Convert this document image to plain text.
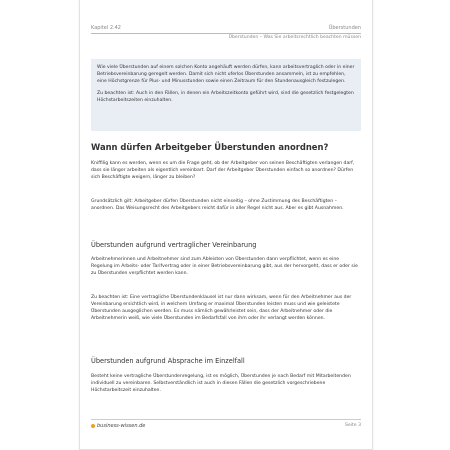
Kapitel 2.42	Überstunden
Überstunden – Was Sie arbeitsrechtlich beachten müssen

Wie viele Überstunden auf einem solchen Konto angehäuft werden dürfen, kann arbeitsvertraglich oder in einer Betriebsvereinbarung geregelt werden. Damit sich nicht uferlos Überstunden ansammeln, ist zu empfehlen, eine Höchstgrenze für Plus- und Minusstunden sowie einen Zeitraum für den Stundenausgleich festzulegen.

Zu beachten ist: Auch in den Fällen, in denen ein Arbeitszeitkonto geführt wird, sind die gesetzlich festgelegten Höchstarbeitszeiten einzuhalten.

Wann dürfen Arbeitgeber Überstunden anordnen?
Kniffilig kann es werden, wenn es um die Frage geht, ob der Arbeitgeber von seinen Beschäftigten verlangen darf, dass sie länger arbeiten als eigentlich vereinbart. Darf der Arbeitgeber Überstunden einfach so anordnen? Dürfen sich Beschäftigte weigern, länger zu bleiben?
Grundsätzlich gilt: Arbeitgeber dürfen Überstunden nicht einseitig – ohne Zustimmung des Beschäftigten – anordnen. Das Weisungsrecht des Arbeitgebers reicht dafür in aller Regel nicht aus. Aber es gibt Ausnahmen.
Überstunden aufgrund vertraglicher Vereinbarung
Arbeitnehmerinnen und Arbeitnehmer sind zum Ableisten von Überstunden dann verpflichtet, wenn es eine Regelung im Arbeits- oder Tarifvertrag oder in einer Betriebsvereinbarung gibt, aus der hervorgeht, dass er oder sie zu Überstunden verpflichtet werden kann.
Zu beachten ist: Eine vertragliche Überstundenklausel ist nur dann wirksam, wenn für den Arbeitnehmer aus der Vereinbarung ersichtlich wird, in welchem Umfang er maximal Überstunden leisten muss und wie geleistete Überstunden ausgeglichen werden. Es muss nämlich gewährleistet sein, dass der Arbeitnehmer oder die Arbeitnehmerin weiß, wie viele Überstunden im Bedarfsfall von ihm oder ihr verlangt werden können.
Überstunden aufgrund Absprache im Einzelfall
Besteht keine vertragliche Überstundenregelung, ist es möglich, Überstunden je nach Bedarf mit Mitarbeitenden individuell zu vereinbaren. Selbstverständlich ist auch in diesen Fällen die gesetzlich vorgeschriebene Höchstarbeitszeit einzuhalten.
business-wissen.de	Seite 3
